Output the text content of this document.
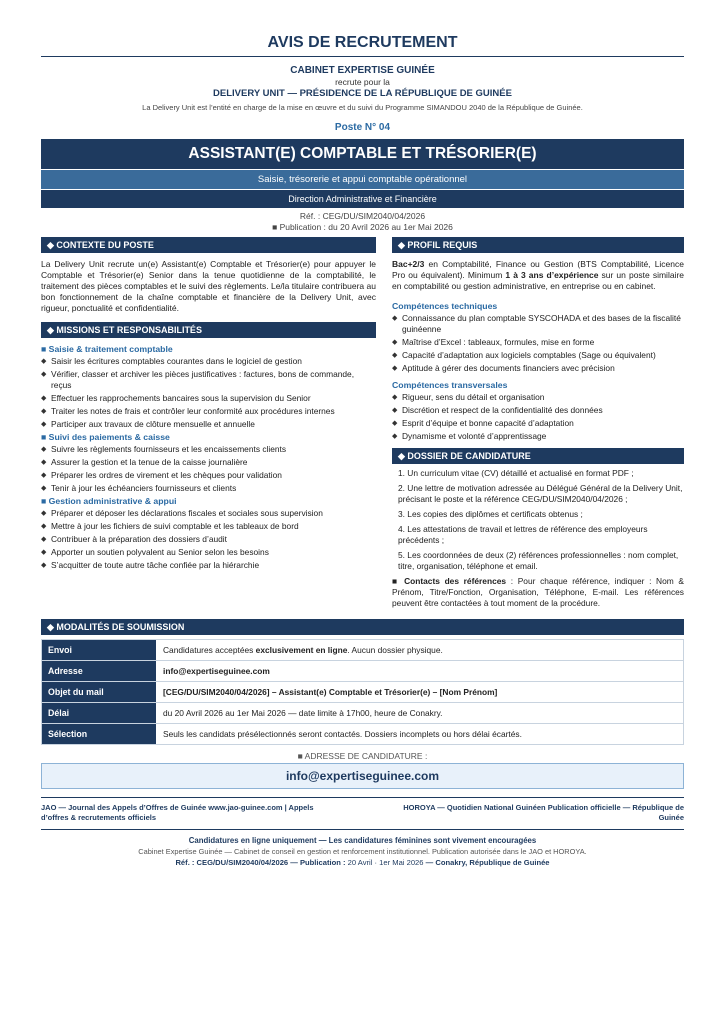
AVIS DE RECRUTEMENT
CABINET EXPERTISE GUINÉE
recrute pour la
DELIVERY UNIT — PRÉSIDENCE DE LA RÉPUBLIQUE DE GUINÉE
La Delivery Unit est l’entité en charge de la mise en œuvre et du suivi du Programme SIMANDOU 2040 de la République de Guinée.
Poste N° 04
ASSISTANT(E) COMPTABLE ET TRÉSORIER(E)
Saisie, trésorerie et appui comptable opérationnel
Direction Administrative et Financière
Réf. : CEG/DU/SIM2040/04/2026
■ Publication : du 20 Avril 2026 au 1er Mai 2026
◆ CONTEXTE DU POSTE
La Delivery Unit recrute un(e) Assistant(e) Comptable et Trésorier(e) pour appuyer le Comptable et Trésorier(e) Senior dans la tenue quotidienne de la comptabilité, le traitement des pièces comptables et le suivi des règlements. Le/la titulaire contribuera au bon fonctionnement de la chaîne comptable et financière de la Delivery Unit, avec rigueur, ponctualité et confidentialité.
◆ MISSIONS ET RESPONSABILITÉS
■ Saisie & traitement comptable
◆ Saisir les écritures comptables courantes dans le logiciel de gestion
◆ Vérifier, classer et archiver les pièces justificatives : factures, bons de commande, reçus
◆ Effectuer les rapprochements bancaires sous la supervision du Senior
◆ Traiter les notes de frais et contrôler leur conformité aux procédures internes
◆ Participer aux travaux de clôture mensuelle et annuelle
■ Suivi des paiements & caisse
◆ Suivre les règlements fournisseurs et les encaissements clients
◆ Assurer la gestion et la tenue de la caisse journalière
◆ Préparer les ordres de virement et les chèques pour validation
◆ Tenir à jour les échéanciers fournisseurs et clients
■ Gestion administrative & appui
◆ Préparer et déposer les déclarations fiscales et sociales sous supervision
◆ Mettre à jour les fichiers de suivi comptable et les tableaux de bord
◆ Contribuer à la préparation des dossiers d’audit
◆ Apporter un soutien polyvalent au Senior selon les besoins
◆ S’acquitter de toute autre tâche confiée par la hiérarchie
◆ PROFIL REQUIS
Bac+2/3 en Comptabilité, Finance ou Gestion (BTS Comptabilité, Licence Pro ou équivalent). Minimum 1 à 3 ans d’expérience sur un poste similaire en comptabilité ou gestion administrative, en entreprise ou en cabinet.
Compétences techniques
◆ Connaissance du plan comptable SYSCOHADA et des bases de la fiscalité guinéenne
◆ Maîtrise d’Excel : tableaux, formules, mise en forme
◆ Capacité d’adaptation aux logiciels comptables (Sage ou équivalent)
◆ Aptitude à gérer des documents financiers avec précision
Compétences transversales
◆ Rigueur, sens du détail et organisation
◆ Discrétion et respect de la confidentialité des données
◆ Esprit d’équipe et bonne capacité d’adaptation
◆ Dynamisme et volonté d’apprentissage
◆ DOSSIER DE CANDIDATURE
1. Un curriculum vitae (CV) détaillé et actualisé en format PDF ;
2. Une lettre de motivation adressée au Délégué Général de la Delivery Unit, précisant le poste et la référence CEG/DU/SIM2040/04/2026 ;
3. Les copies des diplômes et certificats obtenus ;
4. Les attestations de travail et lettres de référence des employeurs précédents ;
5. Les coordonnées de deux (2) références professionnelles : nom complet, titre, organisation, téléphone et email.
■ Contacts des références : Pour chaque référence, indiquer : Nom & Prénom, Titre/Fonction, Organisation, Téléphone, E-mail. Les références peuvent être contactées à tout moment de la procédure.
◆ MODALITÉS DE SOUMISSION
Envoi	Candidatures acceptées exclusivement en ligne. Aucun dossier physique.
Adresse	info@expertiseguinee.com
Objet du mail	[CEG/DU/SIM2040/04/2026] – Assistant(e) Comptable et Trésorier(e) – [Nom Prénom]
Délai	du 20 Avril 2026 au 1er Mai 2026 — date limite à 17h00, heure de Conakry.
Sélection	Seuls les candidats présélectionnés seront contactés. Dossiers incomplets ou hors délai écartés.
■ ADRESSE DE CANDIDATURE :
info@expertiseguinee.com
JAO — Journal des Appels d’Offres de Guinée www.jao-guinee.com | Appels d’offres & recrutements officiels
HOROYA — Quotidien National Guinéen Publication officielle — République de Guinée
Candidatures en ligne uniquement — Les candidatures féminines sont vivement encouragées
Cabinet Expertise Guinée — Cabinet de conseil en gestion et renforcement institutionnel. Publication autorisée dans le JAO et HOROYA.
Réf. : CEG/DU/SIM2040/04/2026 — Publication : 20 Avril · 1er Mai 2026 — Conakry, République de Guinée
